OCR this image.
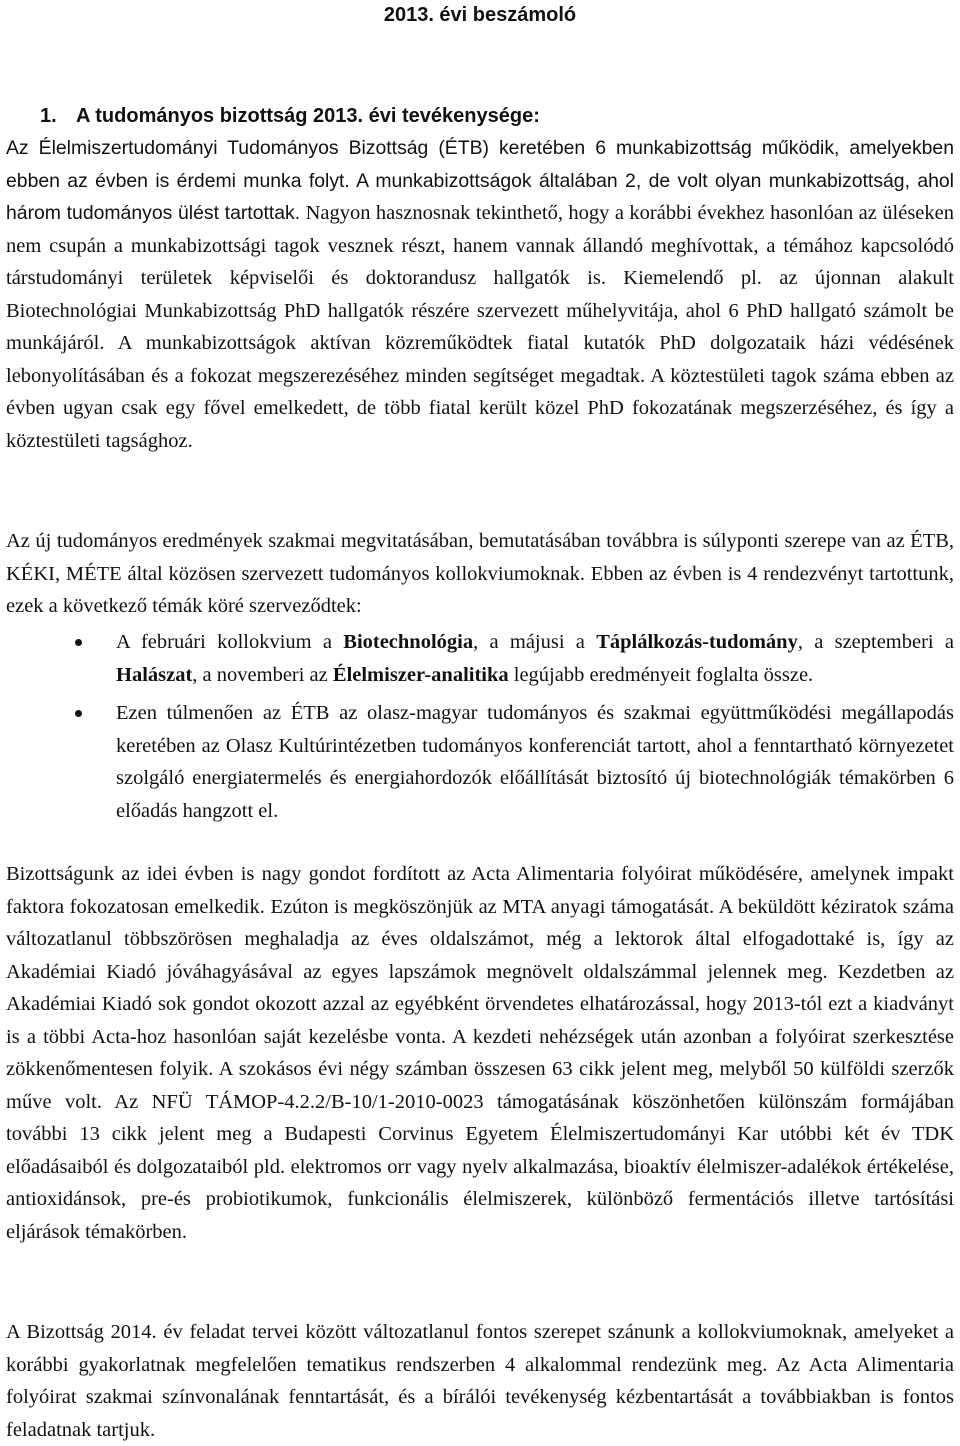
2013. évi beszámoló
1. A tudományos bizottság 2013. évi tevékenysége:

Az Élelmiszertudományi Tudományos Bizottság (ÉTB) keretében 6 munkabizottság működik, amelyekben ebben az évben is érdemi munka folyt. A munkabizottságok általában 2, de volt olyan munkabizottság, ahol három tudományos ülést tartottak. Nagyon hasznosnak tekinthető, hogy a korábbi évekhez hasonlóan az üléseken nem csupán a munkabizottsági tagok vesznek részt, hanem vannak állandó meghívottak, a témához kapcsolódó társtudományi területek képviselői és doktorandusz hallgatók is. Kiemelendő pl. az újonnan alakult Biotechnológiai Munkabizottság PhD hallgatók részére szervezett műhelyvitája, ahol 6 PhD hallgató számolt be munkájáról. A munkabizottságok aktívan közreműködtek fiatal kutatók PhD dolgozataik házi védésének lebonyolításában és a fokozat megszerezéséhez minden segítséget megadtak. A köztestületi tagok száma ebben az évben ugyan csak egy fővel emelkedett, de több fiatal került közel PhD fokozatának megszerzéséhez, és így a köztestületi tagsághoz.

Az új tudományos eredmények szakmai megvitatásában, bemutatásában továbbra is súlyponti szerepe van az ÉTB, KÉKI, MÉTE által közösen szervezett tudományos kollokviumoknak. Ebben az évben is 4 rendezvényt tartottunk, ezek a következő témák köré szerveződtek:

A februári kollokvium a Biotechnológia, a májusi a Táplálkozás-tudomány, a szeptemberi a Halászat, a novemberi az Élelmiszer-analitika legújabb eredményeit foglalta össze.
Ezen túlmenően az ÉTB az olasz-magyar tudományos és szakmai együttműködési megállapodás keretében az Olasz Kultúrintézetben tudományos konferenciát tartott, ahol a fenntartható környezetet szolgáló energiatermelés és energiahordozók előállítását biztosító új biotechnológiák témakörben 6 előadás hangzott el.

Bizottságunk az idei évben is nagy gondot fordított az Acta Alimentaria folyóirat működésére, amelynek impakt faktora fokozatosan emelkedik. Ezúton is megköszönjük az MTA anyagi támogatását. A beküldött kéziratok száma változatlanul többszörösen meghaladja az éves oldalszámot, még a lektorok által elfogadottaké is, így az Akadémiai Kiadó jóváhagyásával az egyes lapszámok megnövelt oldalszámmal jelennek meg. Kezdetben az Akadémiai Kiadó sok gondot okozott azzal az egyébként örvendetes elhatározással, hogy 2013-tól ezt a kiadványt is a többi Acta-hoz hasonlóan saját kezelésbe vonta. A kezdeti nehézségek után azonban a folyóirat szerkesztése zökkenőmentesen folyik. A szokásos évi négy számban összesen 63 cikk jelent meg, melyből 50 külföldi szerzők műve volt. Az NFÜ TÁMOP-4.2.2/B-10/1-2010-0023 támogatásának köszönhetően különszám formájában további 13 cikk jelent meg a Budapesti Corvinus Egyetem Élelmiszertudományi Kar utóbbi két év TDK előadásaiból és dolgozataiból pld. elektromos orr vagy nyelv alkalmazása, bioaktív élelmiszer-adalékok értékelése, antioxidánsok, pre-és probiotikumok, funkcionális élelmiszerek, különböző fermentációs illetve tartósítási eljárások témakörben.

A Bizottság 2014. év feladat tervei között változatlanul fontos szerepet szánunk a kollokviumoknak, amelyeket a korábbi gyakorlatnak megfelelően tematikus rendszerben 4 alkalommal rendezünk meg. Az Acta Alimentaria folyóirat szakmai színvonalának fenntartását, és a bírálói tevékenység kézbentartását a továbbiakban is fontos feladatnak tartjuk.
